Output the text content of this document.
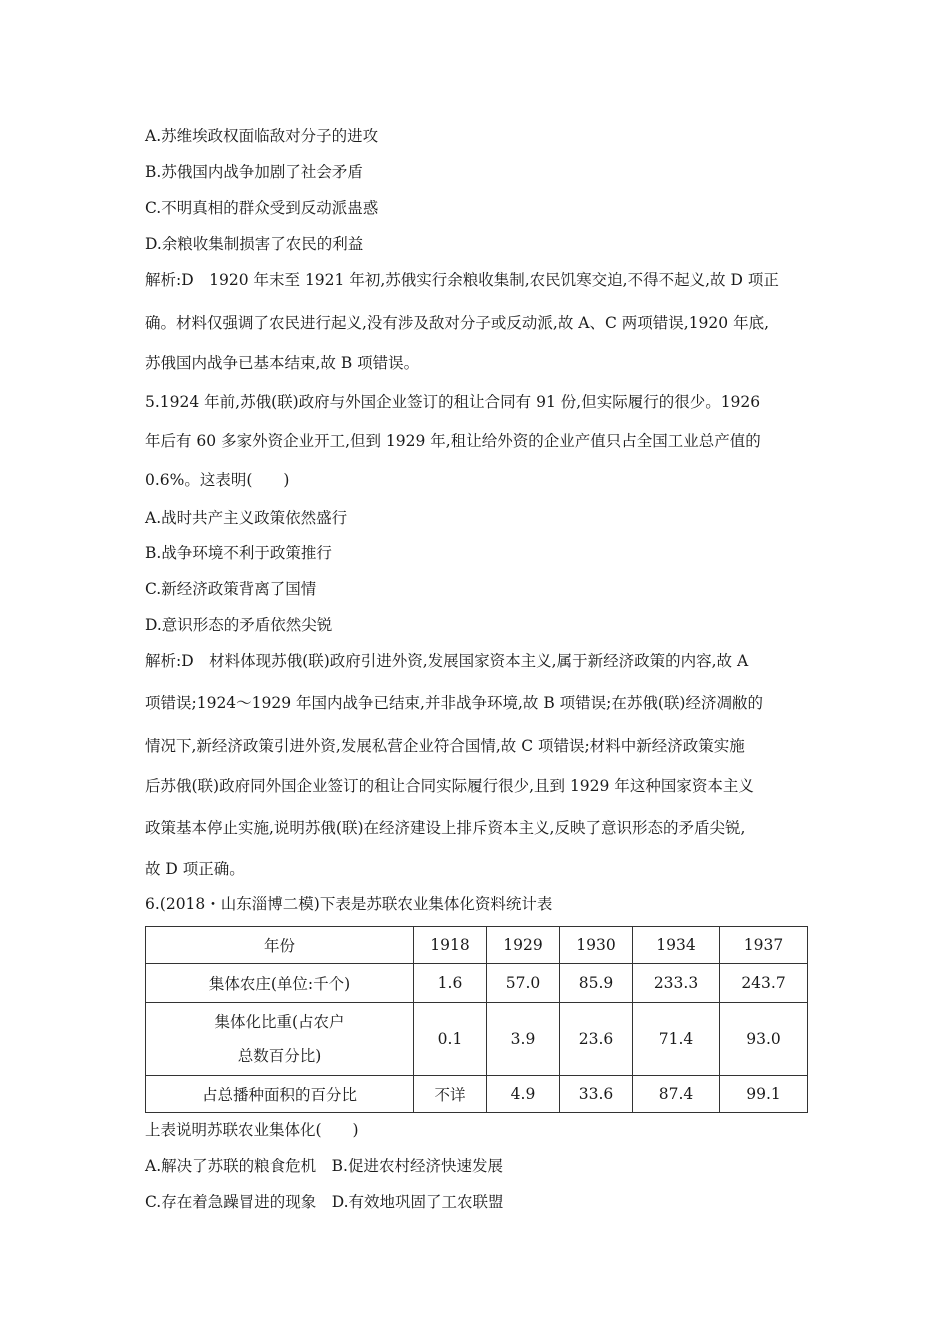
A.苏维埃政权面临敌对分子的进攻
B.苏俄国内战争加剧了社会矛盾
C.不明真相的群众受到反动派蛊惑
D.余粮收集制损害了农民的利益
解析:D　1920 年末至 1921 年初,苏俄实行余粮收集制,农民饥寒交迫,不得不起义,故 D 项正
确。材料仅强调了农民进行起义,没有涉及敌对分子或反动派,故 A、C 两项错误,1920 年底,
苏俄国内战争已基本结束,故 B 项错误。
5.1924 年前,苏俄(联)政府与外国企业签订的租让合同有 91 份,但实际履行的很少。1926
年后有 60 多家外资企业开工,但到 1929 年,租让给外资的企业产值只占全国工业总产值的
0.6%。这表明(　　)
A.战时共产主义政策依然盛行
B.战争环境不利于政策推行
C.新经济政策背离了国情
D.意识形态的矛盾依然尖锐
解析:D　材料体现苏俄(联)政府引进外资,发展国家资本主义,属于新经济政策的内容,故 A
项错误;1924～1929 年国内战争已结束,并非战争环境,故 B 项错误;在苏俄(联)经济凋敝的
情况下,新经济政策引进外资,发展私营企业符合国情,故 C 项错误;材料中新经济政策实施
后苏俄(联)政府同外国企业签订的租让合同实际履行很少,且到 1929 年这种国家资本主义
政策基本停止实施,说明苏俄(联)在经济建设上排斥资本主义,反映了意识形态的矛盾尖锐,
故 D 项正确。
6.(2018・山东淄博二模)下表是苏联农业集体化资料统计表
年份	1918	1929	1930	1934	1937
集体农庄(单位:千个)	1.6	57.0	85.9	233.3	243.7

集体化比重(占农户
总数百分比)	0.1	3.9	23.6	71.4	93.0
占总播种面积的百分比	不详	4.9	33.6	87.4	99.1
上表说明苏联农业集体化(　　)
A.解决了苏联的粮食危机　B.促进农村经济快速发展
C.存在着急躁冒进的现象　D.有效地巩固了工农联盟
